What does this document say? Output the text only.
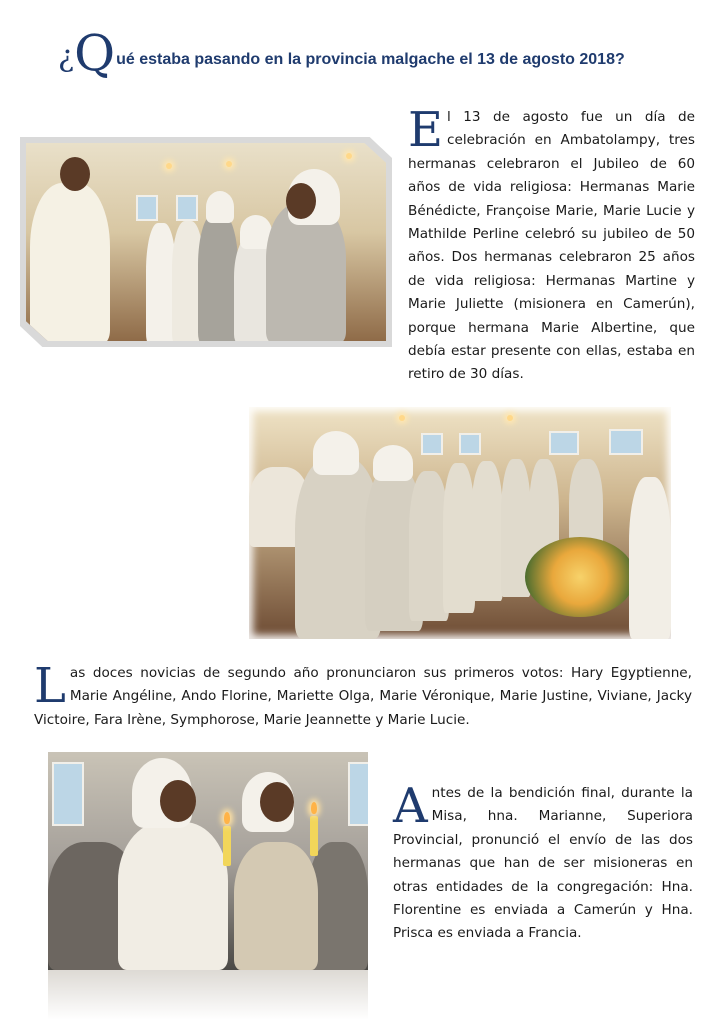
¿Qué estaba pasando en la provincia malgache el 13 de agosto 2018?
El 13 de agosto fue un día de celebración en Ambatolampy, tres hermanas celebraron el Jubileo de 60 años de vida religiosa: Hermanas Marie Bénédicte, Françoise Marie, Marie Lucie y Mathilde Perline celebró su jubileo de 50 años. Dos hermanas celebraron 25 años de vida religiosa: Hermanas Martine y Marie Juliette (misionera en Camerún), porque hermana Marie Albertine, que debía estar presente con ellas, estaba en retiro de 30 días.
Las doces novicias de segundo año pronunciaron sus primeros votos: Hary Egyptienne, Marie Angéline, Ando Florine, Mariette Olga, Marie Véronique, Marie Justine, Viviane, Jacky Victoire, Fara Irène, Symphorose, Marie Jeannette y Marie Lucie.
Antes de la bendición final, durante la Misa, hna. Marianne, Superiora Provincial, pronunció el envío de las dos hermanas que han de ser misioneras en otras entidades de la congregación: Hna. Florentine es enviada a Camerún y Hna. Prisca es enviada a Francia.
